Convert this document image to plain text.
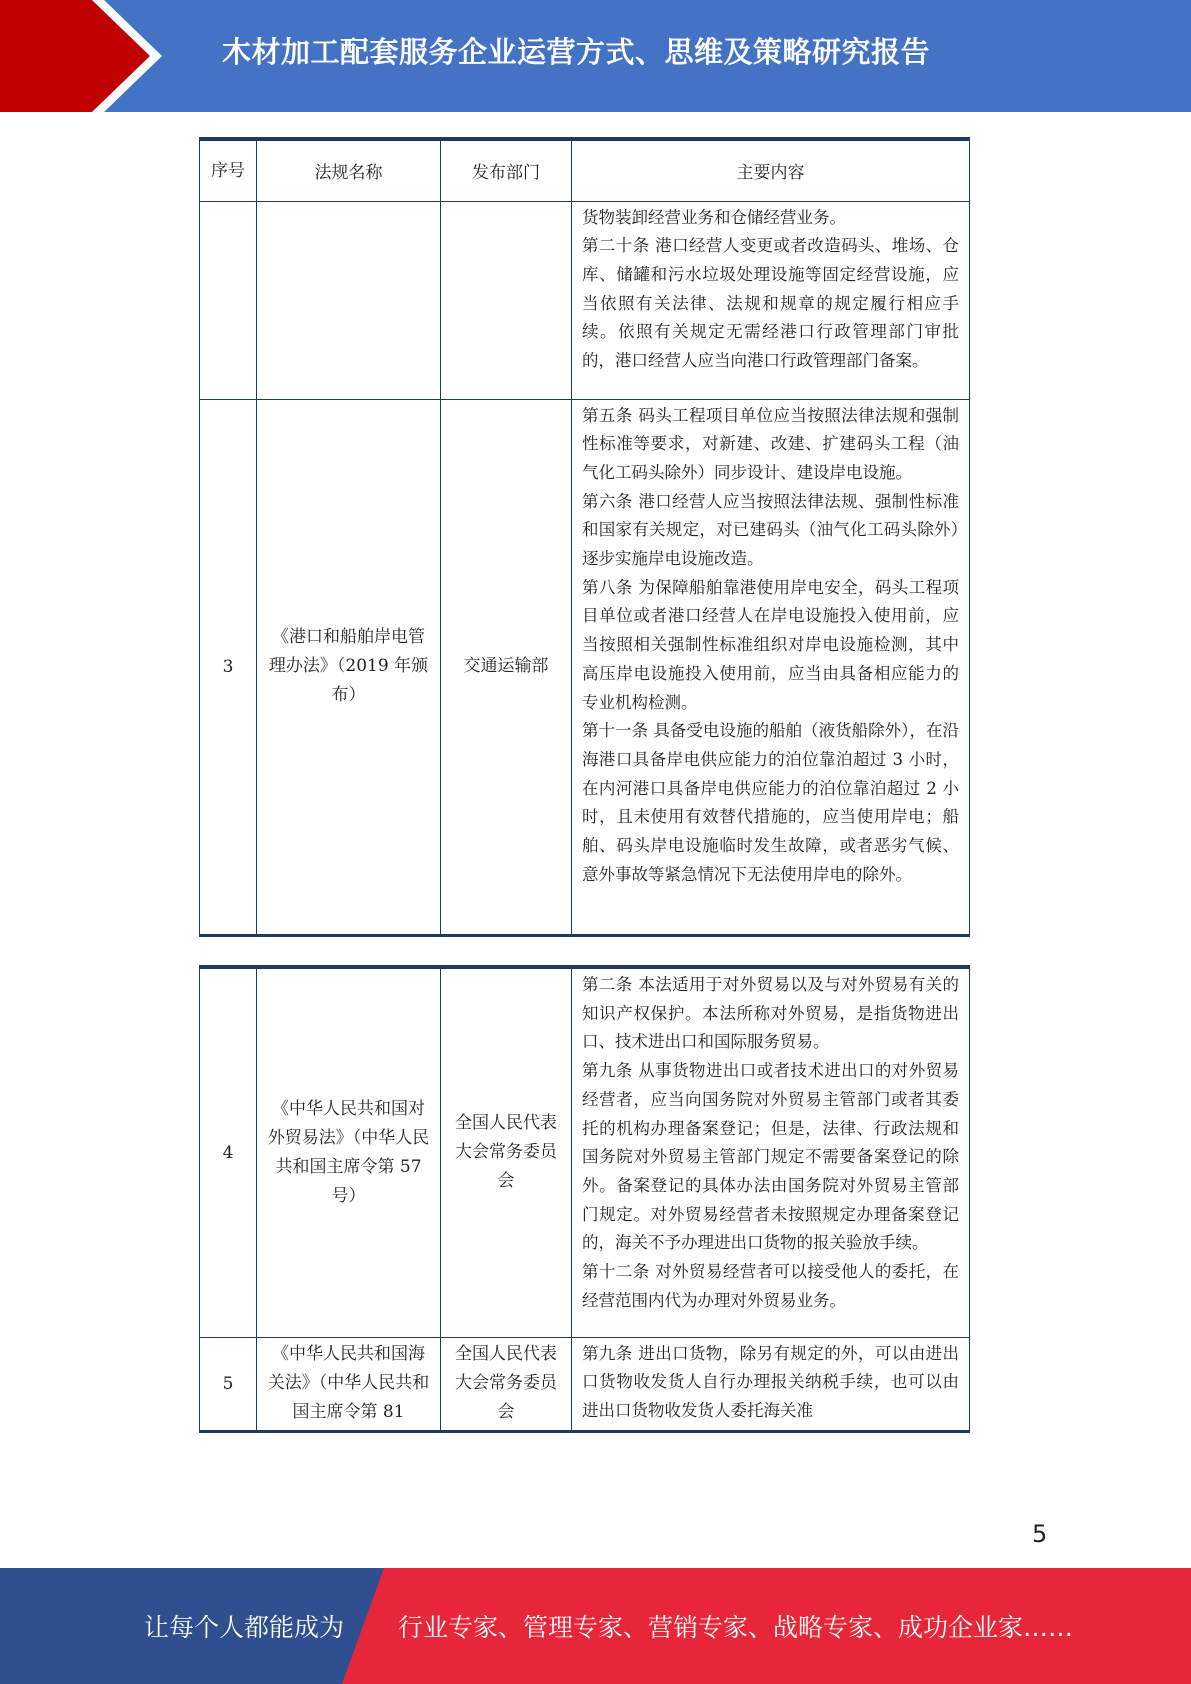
木材加工配套服务企业运营方式、思维及策略研究报告
序号	法规名称	发布部门	主要内容

			货物装卸经营业务和仓储经营业务。

第二十条 港口经营人变更或者改造码头、堆场、仓库、储罐和污水垃圾处理设施等固定经营设施，应当依照有关法律、法规和规章的规定履行相应手续。依照有关规定无需经港口行政管理部门审批的，港口经营人应当向港口行政管理部门备案。

3	《港口和船舶岸电管理办法》（2019 年颁布）	交通运输部	第五条 码头工程项目单位应当按照法律法规和强制性标准等要求，对新建、改建、扩建码头工程（油气化工码头除外）同步设计、建设岸电设施。

第六条 港口经营人应当按照法律法规、强制性标准和国家有关规定，对已建码头（油气化工码头除外）逐步实施岸电设施改造。

第八条 为保障船舶靠港使用岸电安全，码头工程项目单位或者港口经营人在岸电设施投入使用前，应当按照相关强制性标准组织对岸电设施检测，其中高压岸电设施投入使用前，应当由具备相应能力的专业机构检测。

第十一条 具备受电设施的船舶（液货船除外），在沿海港口具备岸电供应能力的泊位靠泊超过 3 小时，在内河港口具备岸电供应能力的泊位靠泊超过 2 小时，且未使用有效替代措施的，应当使用岸电；船舶、码头岸电设施临时发生故障，或者恶劣气候、意外事故等紧急情况下无法使用岸电的除外。

4	《中华人民共和国对外贸易法》（中华人民共和国主席令第 57 号）	全国人民代表大会常务委员会	第二条 本法适用于对外贸易以及与对外贸易有关的知识产权保护。本法所称对外贸易，是指货物进出口、技术进出口和国际服务贸易。

第九条 从事货物进出口或者技术进出口的对外贸易经营者，应当向国务院对外贸易主管部门或者其委托的机构办理备案登记；但是，法律、行政法规和国务院对外贸易主管部门规定不需要备案登记的除外。备案登记的具体办法由国务院对外贸易主管部门规定。对外贸易经营者未按照规定办理备案登记的，海关不予办理进出口货物的报关验放手续。

第十二条 对外贸易经营者可以接受他人的委托，在经营范围内代为办理对外贸易业务。

5	《中华人民共和国海关法》（中华人民共和国主席令第 81	全国人民代表大会常务委员会	第九条 进出口货物，除另有规定的外，可以由进出口货物收发货人自行办理报关纳税手续，也可以由进出口货物收发货人委托海关准

5
让每个人都能成为 行业专家、管理专家、营销专家、战略专家、成功企业家……
